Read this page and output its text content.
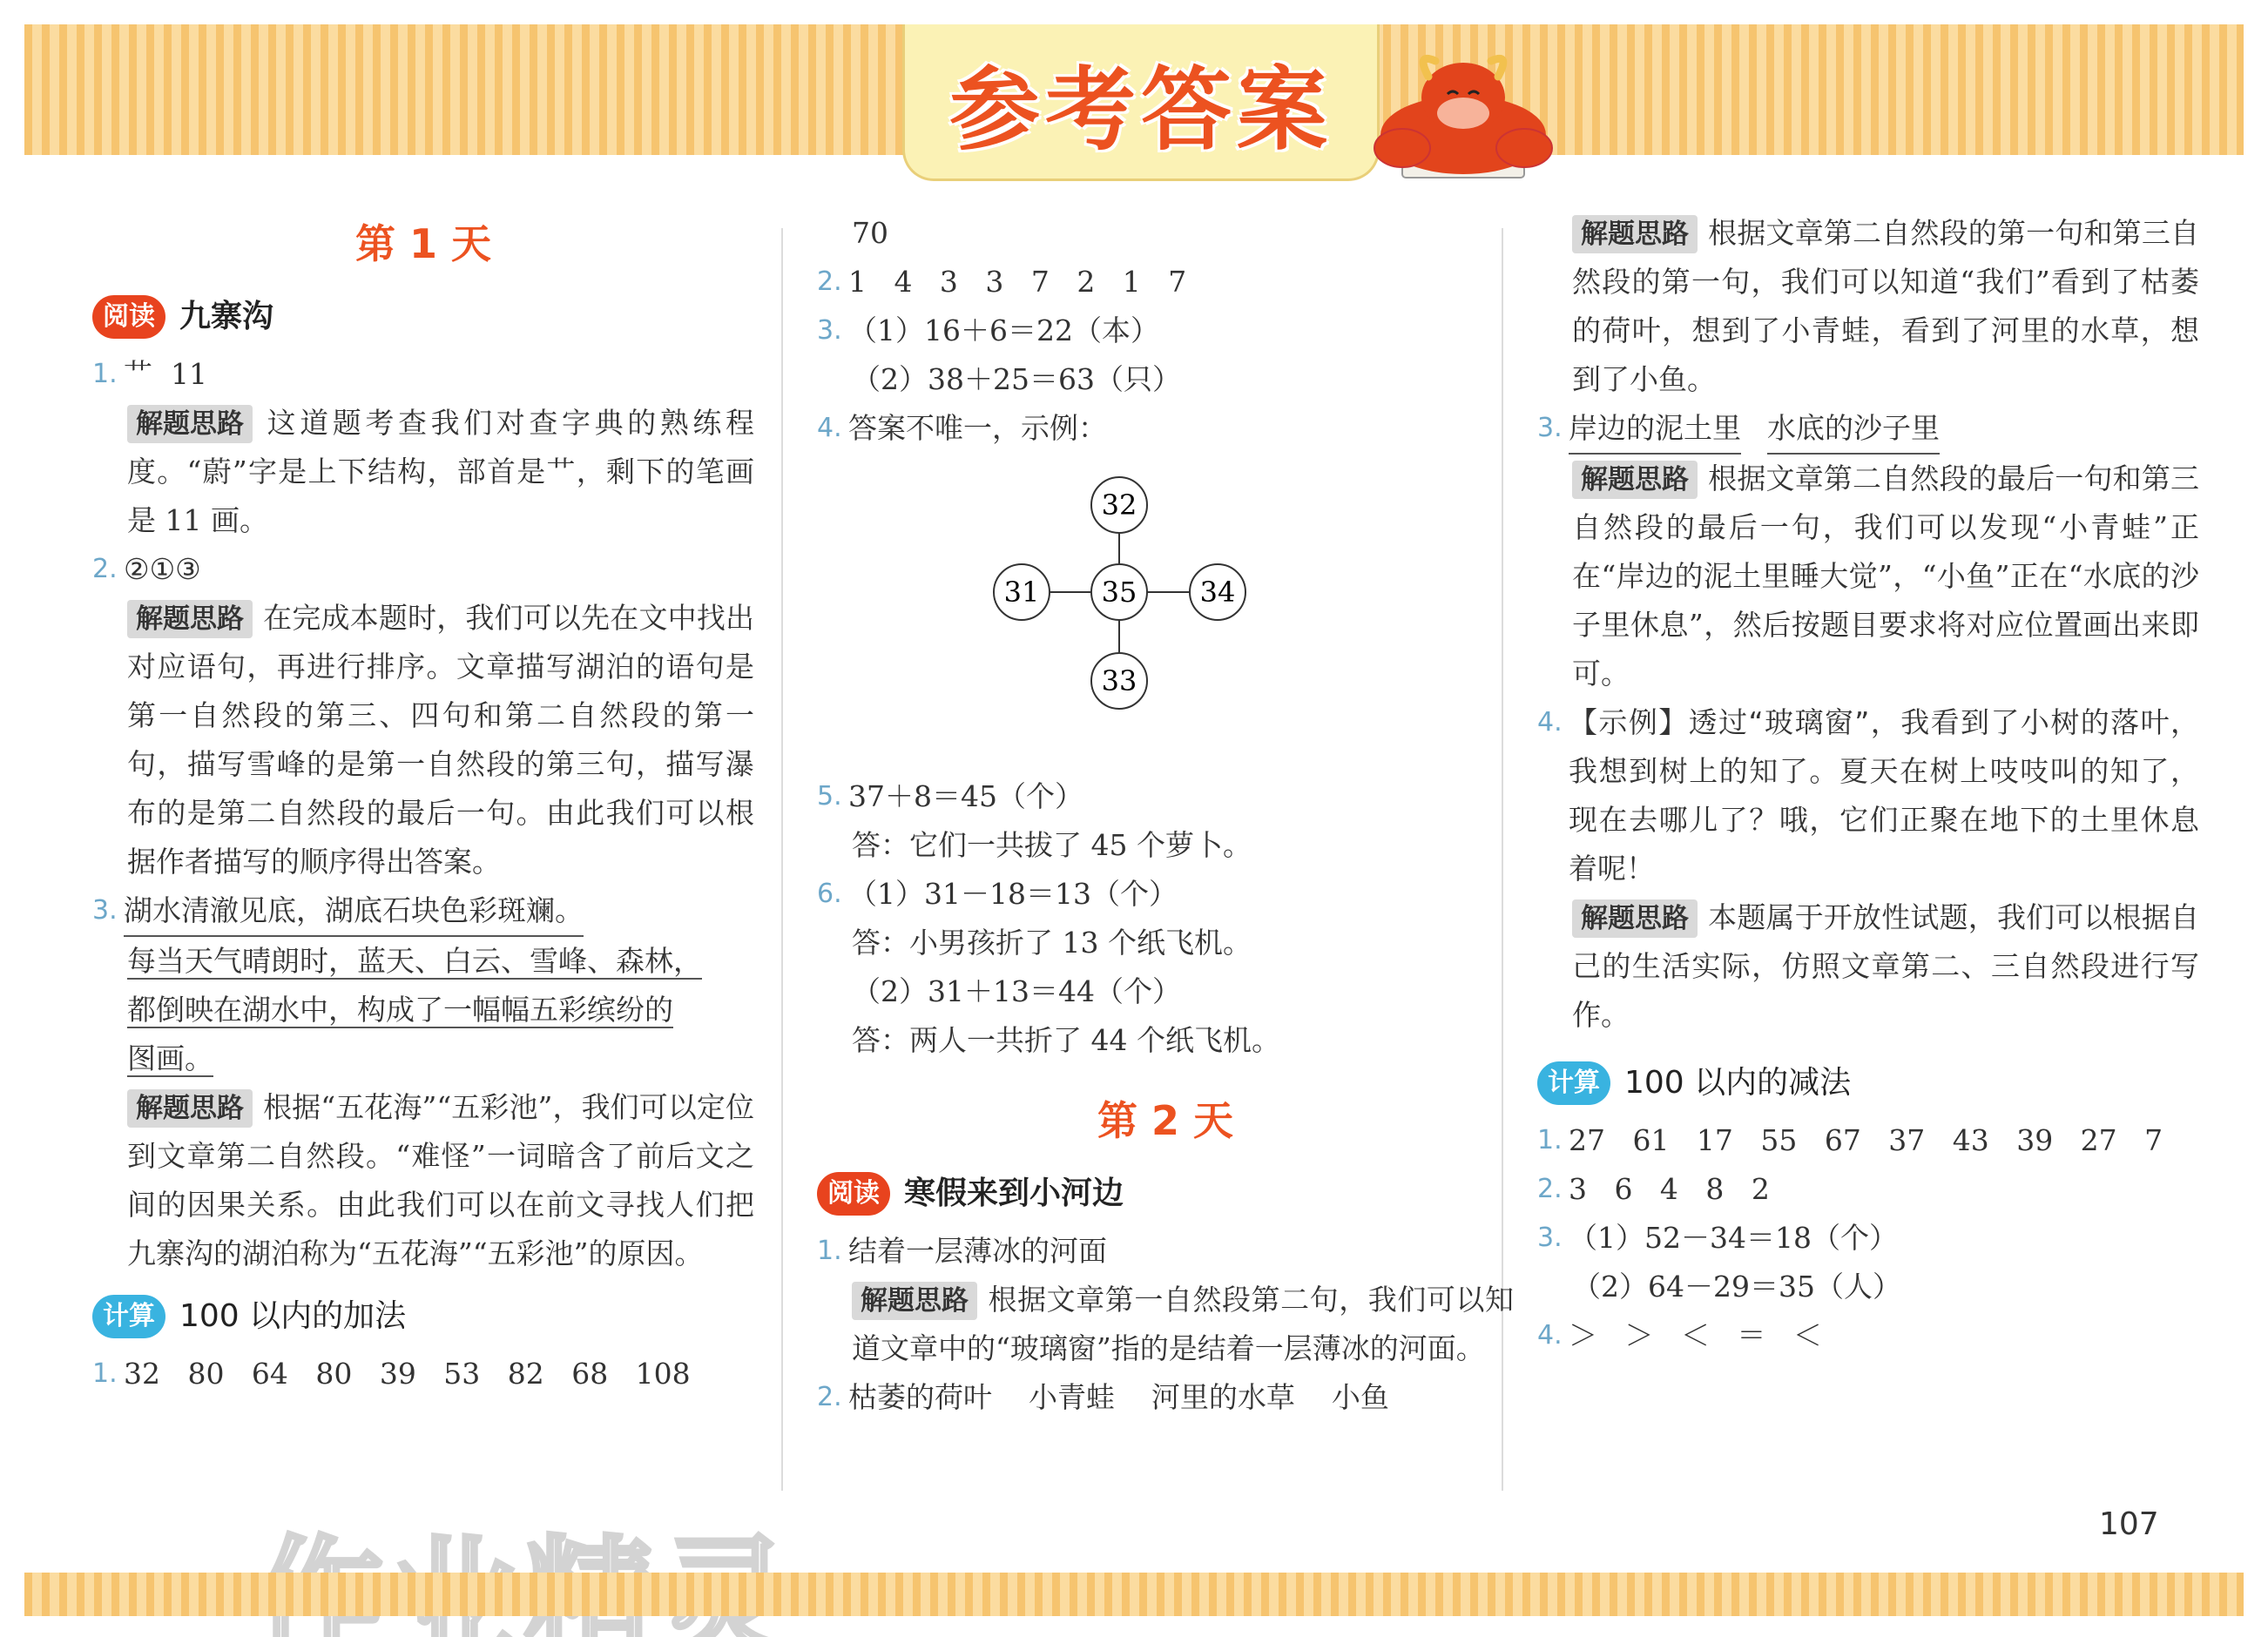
参考答案
第 1 天
阅读 九寨沟
1. 艹  11
解题思路 这道题考查我们对查字典的熟练程度。“蔚”字是上下结构，部首是艹，剩下的笔画是 11 画。
2. ②①③
解题思路 在完成本题时，我们可以先在文中找出对应语句，再进行排序。文章描写湖泊的语句是第一自然段的第三、四句和第二自然段的第一句，描写雪峰的是第一自然段的第三句，描写瀑布的是第二自然段的最后一句。由此我们可以根据作者描写的顺序得出答案。
3. 湖水清澈见底，湖底石块色彩斑斓。
每当天气晴朗时，蓝天、白云、雪峰、森林，
都倒映在湖水中，构成了一幅幅五彩缤纷的
图画。
解题思路 根据“五花海”“五彩池”，我们可以定位到文章第二自然段。“难怪”一词暗含了前后文之间的因果关系。由此我们可以在前文寻找人们把九寨沟的湖泊称为“五花海”“五彩池”的原因。
计算 100 以内的加法
1. 32   80   64   80   39   53   82   68   108
70
2. 1   4   3   3   7   2   1   7
3. （1）16＋6＝22（本）
（2）38＋25＝63（只）
4. 答案不唯一，示例：
32
31 35 34
33
5. 37＋8＝45（个）
答：它们一共拔了 45 个萝卜。
6. （1）31－18＝13（个）
答：小男孩折了 13 个纸飞机。
（2）31＋13＝44（个）
答：两人一共折了 44 个纸飞机。
第 2 天
阅读 寒假来到小河边
1. 结着一层薄冰的河面
解题思路 根据文章第一自然段第二句，我们可以知道文章中的“玻璃窗”指的是结着一层薄冰的河面。
2. 枯萎的荷叶    小青蛙    河里的水草    小鱼
解题思路 根据文章第二自然段的第一句和第三自然段的第一句，我们可以知道“我们”看到了枯萎的荷叶，想到了小青蛙，看到了河里的水草，想到了小鱼。
3. 岸边的泥土里 水底的沙子里
解题思路 根据文章第二自然段的最后一句和第三自然段的最后一句，我们可以发现“小青蛙”正在“岸边的泥土里睡大觉”，“小鱼”正在“水底的沙子里休息”，然后按题目要求将对应位置画出来即可。
4. 【示例】透过“玻璃窗”，我看到了小树的落叶，我想到树上的知了。夏天在树上吱吱叫的知了，现在去哪儿了？哦，它们正聚在地下的土里休息着呢！
解题思路 本题属于开放性试题，我们可以根据自己的生活实际，仿照文章第二、三自然段进行写作。
计算 100 以内的减法
1. 27   61   17   55   67   37   43   39   27   7
2. 3   6   4   8   2
3. （1）52－34＝18（个）
（2）64－29＝35（人）
4. ＞   ＞   ＜   ＝   ＜
107
